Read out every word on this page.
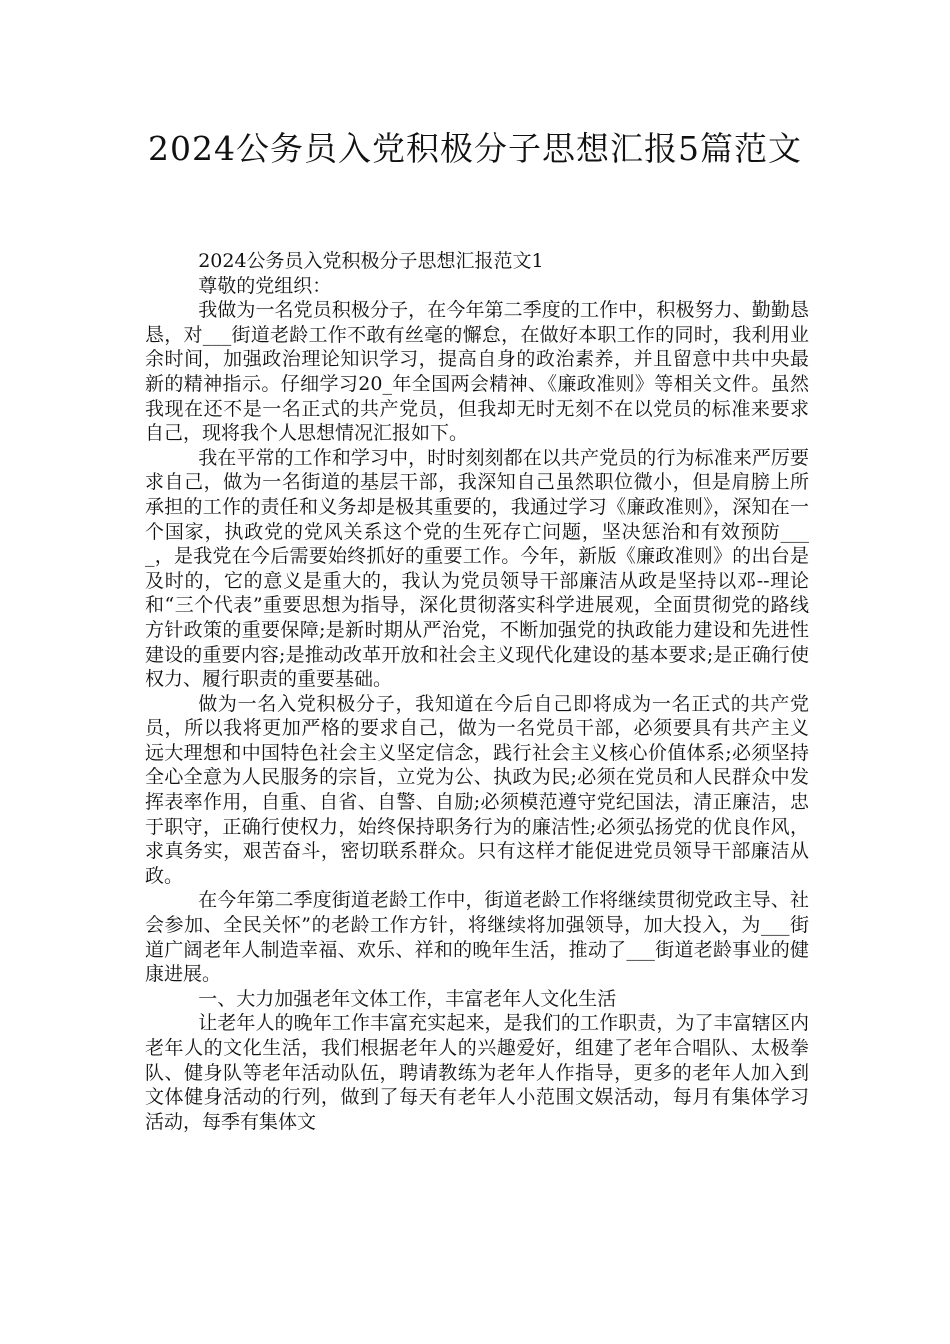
2024公务员入党积极分子思想汇报5篇范文

2024公务员入党积极分子思想汇报范文1

尊敬的党组织：

我做为一名党员积极分子，在今年第二季度的工作中，积极努力、勤勤恳恳，对___街道老龄工作不敢有丝毫的懈怠，在做好本职工作的同时，我利用业余时间，加强政治理论知识学习，提高自身的政治素养，并且留意中共中央最新的精神指示。仔细学习20_年全国两会精神、《廉政准则》等相关文件。虽然我现在还不是一名正式的共产党员，但我却无时无刻不在以党员的标准来要求自己，现将我个人思想情况汇报如下。

我在平常的工作和学习中，时时刻刻都在以共产党员的行为标准来严厉要求自己，做为一名街道的基层干部，我深知自己虽然职位微小，但是肩膀上所承担的工作的责任和义务却是极其重要的，我通过学习《廉政准则》，深知在一个国家，执政党的党风关系这个党的生死存亡问题，坚决惩治和有效预防____，是我党在今后需要始终抓好的重要工作。今年，新版《廉政准则》的出台是及时的，它的意义是重大的，我认为党员领导干部廉洁从政是坚持以邓--理论和“三个代表”重要思想为指导，深化贯彻落实科学进展观，全面贯彻党的路线方针政策的重要保障;是新时期从严治党，不断加强党的执政能力建设和先进性建设的重要内容;是推动改革开放和社会主义现代化建设的基本要求;是正确行使权力、履行职责的重要基础。

做为一名入党积极分子，我知道在今后自己即将成为一名正式的共产党员，所以我将更加严格的要求自己，做为一名党员干部，必须要具有共产主义远大理想和中国特色社会主义坚定信念，践行社会主义核心价值体系;必须坚持全心全意为人民服务的宗旨，立党为公、执政为民;必须在党员和人民群众中发挥表率作用，自重、自省、自警、自励;必须模范遵守党纪国法，清正廉洁，忠于职守，正确行使权力，始终保持职务行为的廉洁性;必须弘扬党的优良作风，求真务实，艰苦奋斗，密切联系群众。只有这样才能促进党员领导干部廉洁从政。

在今年第二季度街道老龄工作中，街道老龄工作将继续贯彻党政主导、社会参加、全民关怀”的老龄工作方针，将继续将加强领导，加大投入，为___街道广阔老年人制造幸福、欢乐、祥和的晚年生活，推动了___街道老龄事业的健康进展。

一、大力加强老年文体工作，丰富老年人文化生活

让老年人的晚年工作丰富充实起来，是我们的工作职责，为了丰富辖区内老年人的文化生活，我们根据老年人的兴趣爱好，组建了老年合唱队、太极拳队、健身队等老年活动队伍，聘请教练为老年人作指导，更多的老年人加入到文体健身活动的行列，做到了每天有老年人小范围文娱活动，每月有集体学习活动，每季有集体文
